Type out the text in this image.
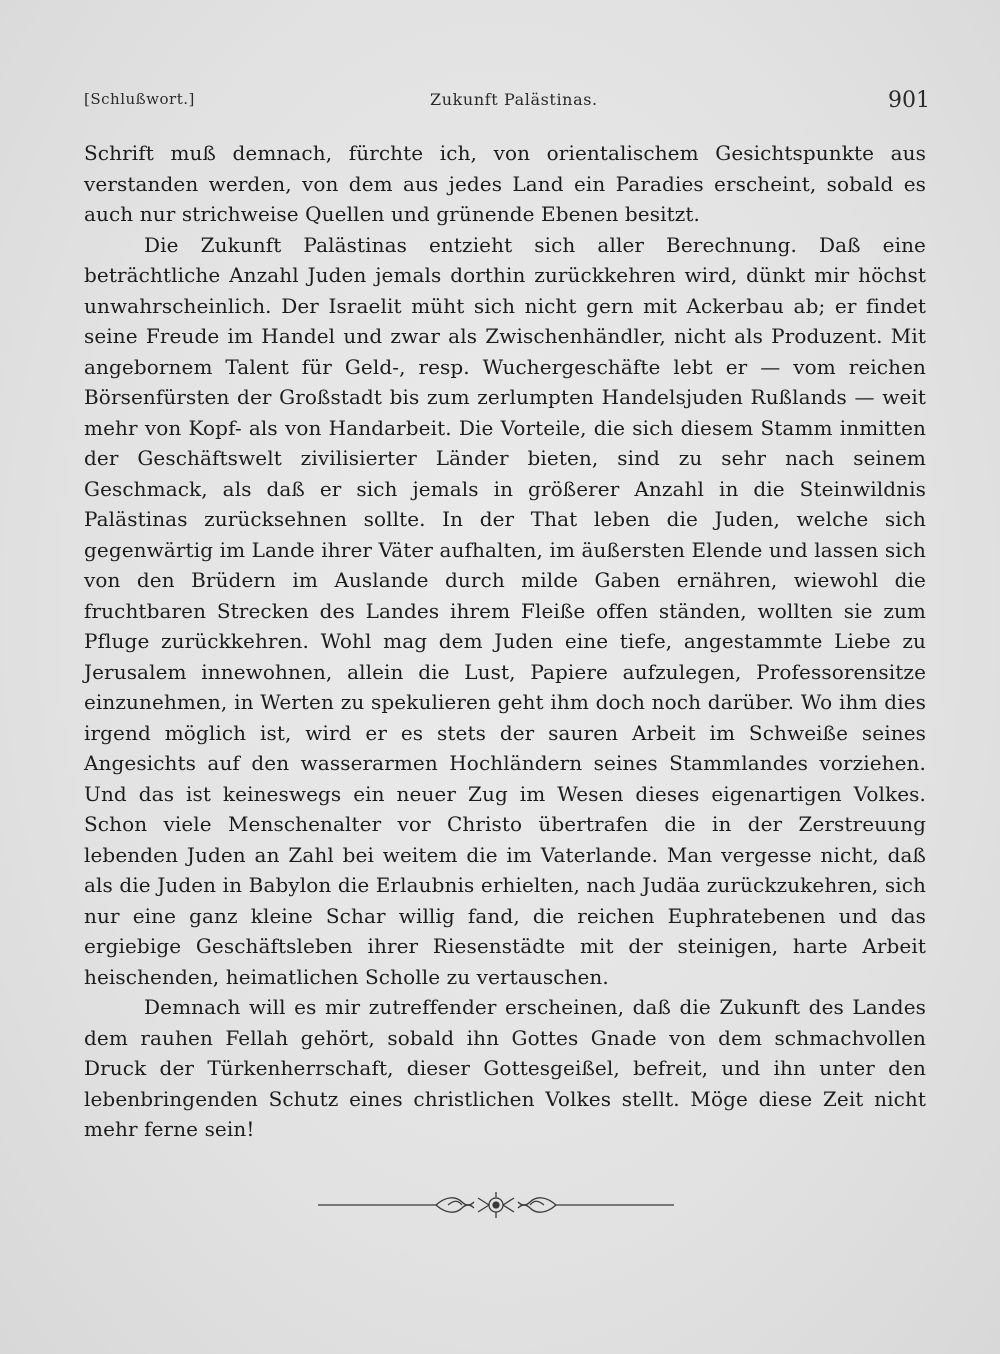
[Schlußwort.]	Zukunft Palästinas.	901

Schrift muß demnach, fürchte ich, von orientalischem Gesichtspunkte aus verstanden werden, von dem aus jedes Land ein Paradies erscheint, sobald es auch nur strichweise Quellen und grünende Ebenen besitzt.

Die Zukunft Palästinas entzieht sich aller Berechnung. Daß eine beträchtliche Anzahl Juden jemals dorthin zurückkehren wird, dünkt mir höchst unwahrscheinlich. Der Israelit müht sich nicht gern mit Ackerbau ab; er findet seine Freude im Handel und zwar als Zwischenhändler, nicht als Produzent. Mit angebornem Talent für Geld-, resp. Wuchergeschäfte lebt er — vom reichen Börsenfürsten der Großstadt bis zum zerlumpten Handelsjuden Rußlands — weit mehr von Kopf- als von Handarbeit. Die Vorteile, die sich diesem Stamm inmitten der Geschäftswelt zivilisierter Länder bieten, sind zu sehr nach seinem Geschmack, als daß er sich jemals in größerer Anzahl in die Steinwildnis Palästinas zurücksehnen sollte. In der That leben die Juden, welche sich gegenwärtig im Lande ihrer Väter aufhalten, im äußersten Elende und lassen sich von den Brüdern im Auslande durch milde Gaben ernähren, wiewohl die fruchtbaren Strecken des Landes ihrem Fleiße offen ständen, wollten sie zum Pfluge zurückkehren. Wohl mag dem Juden eine tiefe, angestammte Liebe zu Jerusalem innewohnen, allein die Lust, Papiere aufzulegen, Professorensitze einzunehmen, in Werten zu spekulieren geht ihm doch noch darüber. Wo ihm dies irgend möglich ist, wird er es stets der sauren Arbeit im Schweiße seines Angesichts auf den wasserarmen Hochländern seines Stammlandes vorziehen. Und das ist keineswegs ein neuer Zug im Wesen dieses eigenartigen Volkes. Schon viele Menschenalter vor Christo übertrafen die in der Zerstreuung lebenden Juden an Zahl bei weitem die im Vaterlande. Man vergesse nicht, daß als die Juden in Babylon die Erlaubnis erhielten, nach Judäa zurückzukehren, sich nur eine ganz kleine Schar willig fand, die reichen Euphratebenen und das ergiebige Geschäftsleben ihrer Riesenstädte mit der steinigen, harte Arbeit heischenden, heimatlichen Scholle zu vertauschen.

Demnach will es mir zutreffender erscheinen, daß die Zukunft des Landes dem rauhen Fellah gehört, sobald ihn Gottes Gnade von dem schmachvollen Druck der Türkenherrschaft, dieser Gottesgeißel, befreit, und ihn unter den lebenbringenden Schutz eines christlichen Volkes stellt. Möge diese Zeit nicht mehr ferne sein!
